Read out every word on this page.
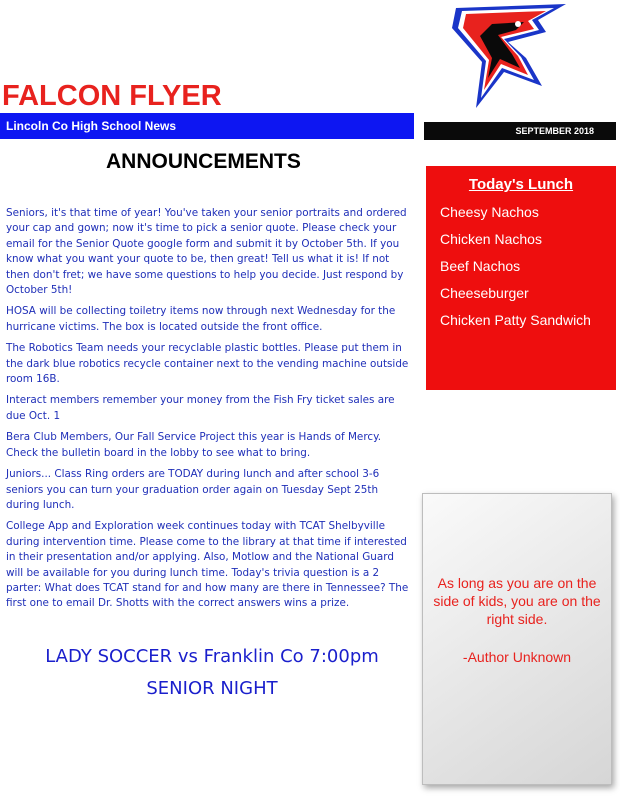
FALCON FLYER
Lincoln Co High School News	SEPTEMBER 2018
ANNOUNCEMENTS

Seniors, it's that time of year! You've taken your senior portraits and ordered your cap and gown; now it's time to pick a senior quote. Please check your email for the Senior Quote google form and submit it by October 5th. If you know what you want your quote to be, then great! Tell us what it is! If not then don't fret; we have some questions to help you decide. Just respond by October 5th!

HOSA will be collecting toiletry items now through next Wednesday for the hurricane victims. The box is located outside the front office.

The Robotics Team needs your recyclable plastic bottles. Please put them in the dark blue robotics recycle container next to the vending machine outside room 16B.

Interact members remember your money from the Fish Fry ticket sales are due Oct. 1

Bera Club Members, Our Fall Service Project this year is Hands of Mercy. Check the bulletin board in the lobby to see what to bring.

Juniors... Class Ring orders are TODAY during lunch and after school 3-6 seniors you can turn your graduation order again on Tuesday Sept 25th during lunch.

College App and Exploration week continues today with TCAT Shelbyville during intervention time. Please come to the library at that time if interested in their presentation and/or applying. Also, Motlow and the National Guard will be available for you during lunch time. Today's trivia question is a 2 parter: What does TCAT stand for and how many are there in Tennessee? The first one to email Dr. Shotts with the correct answers wins a prize.

Today's Lunch
Cheesy Nachos
Chicken Nachos
Beef Nachos
Cheeseburger
Chicken Patty Sandwich
As long as you are on the side of kids, you are on the right side.
-Author Unknown
LADY SOCCER vs Franklin Co 7:00pm
SENIOR NIGHT
